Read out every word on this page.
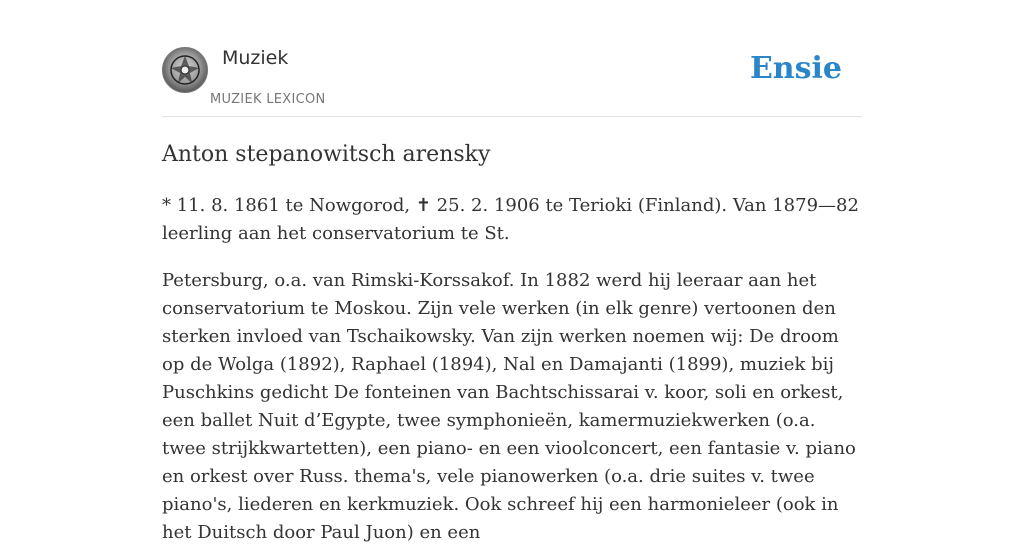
Muziek
MUZIEK LEXICON
Ensie
Anton stepanowitsch arensky

* 11. 8. 1861 te Nowgorod, ✝ 25. 2. 1906 te Terioki (Finland). Van 1879—82 leerling aan het conservatorium te St.

Petersburg, o.a. van Rimski-Korssakof. In 1882 werd hij leeraar aan het conservatorium te Moskou. Zijn vele werken (in elk genre) vertoonen den sterken invloed van Tschaikowsky. Van zijn werken noemen wij: De droom op de Wolga (1892), Raphael (1894), Nal en Damajanti (1899), muziek bij Puschkins gedicht De fonteinen van Bachtschissarai v. koor, soli en orkest, een ballet Nuit d’Egypte, twee symphonieën, kamermuziekwerken (o.a. twee strijkkwartetten), een piano- en een vioolconcert, een fantasie v. piano en orkest over Russ. thema's, vele pianowerken (o.a. drie suites v. twee piano's, liederen en kerkmuziek. Ook schreef hij een harmonieleer (ook in het Duitsch door Paul Juon) en een
